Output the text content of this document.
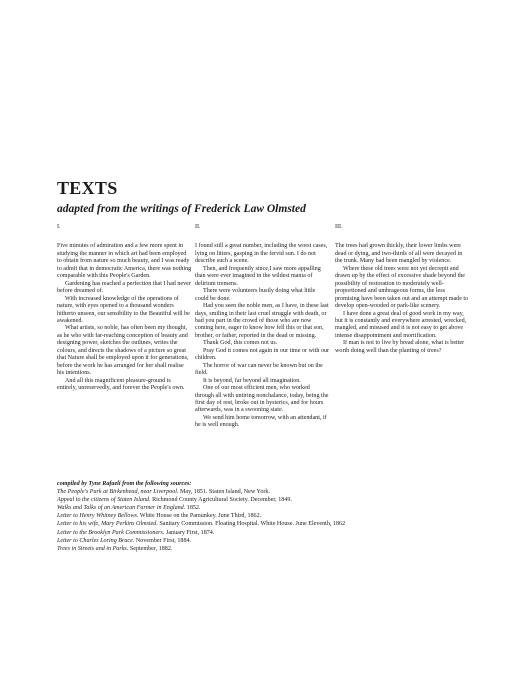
TEXTS
adapted from the writings of Frederick Law Olmsted
I.

Five minutes of admiration and a few more spent in studying the manner in which art had been employed to obtain from nature so much beauty, and I was ready to admit that in democratic America, there was nothing comparable with this People's Garden.

Gardening has reached a perfection that I had never before dreamed of.

With increased knowledge of the operations of nature, with eyes opened to a thousand wonders hitherto unseen, our sensibility to the Beautiful will be awakened.

What artists, so noble, has often been my thought, as he who with far-reaching conception of beauty and designing power, sketches the outlines, writes the colours, and directs the shadows of a picture so great that Nature shall be employed upon it for generations, before the work he has arranged for her shall realise his intentions.

And all this magnificent pleasure-ground is entirely, unreservedly, and forever the People's own.

II.

I found still a great number, including the worst cases, lying on litters, gasping in the fervid sun. I do not describe such a scene.

Then, and frequently since,I saw more appalling than were ever imagined in the wildest mania of delirium tremens.

There were volunteers busily doing what little could be done.

Had you seen the noble men, as I have, in these last days, smiling in their last cruel struggle with death, or bad you part in the crowd of those who are now coming here, eager to know how fell this or that son, brother, or father, reported in the dead or missing.

Thank God, this comes not us.

Pray God it comes not again in our time or with our children.

The horror of war can never be known but on the field.

It is beyond, far beyond all imagination.

One of our most efficient men, who worked through all with untiring nonchalance, today, being the first day of rest, broke out in hysterics, and for hours afterwards, was in a swooning state.

We send him home tomorrow, with an attendant, if he is well enough.

III.

The trees had grown thickly, their lower limbs were dead or dying, and two-thirds of all were decayed in the trunk. Many had been mangled by violence.

Where these old trees were not yet decrepit and drawn up by the effect of excessive shade beyond the possibility of restoration to moderately well-proportioned and umbrageous forms, the less promising have been taken out and an attempt made to develop open-wooded or park-like scenery.

I have done a great deal of good work in my way, but it is constantly and everywhere arrested, wrecked, mangled, and misused and it is not easy to get above intense disappointment and mortification.

If man is not to live by bread alone, what is better worth doing well than the planting of trees?

compiled by Tyne Rafaeli from the following sources:
The People's Park at Birkenhead, near Liverpool. May, 1851. Staten Island, New York.
Appeal to the citizens of Staten Island. Richmond County Agricultural Society. December, 1849.
Walks and Talks of an American Farmer in England. 1852.
Letter to Henry Whitney Bellows. White House on the Pamunkey. June Third, 1862.
Letter to his wife, Mary Perkins Olmsted. Sanitary Commission. Floating Hospital. White House. June Eleventh, 1862
Letter to the Brooklyn Park Commissioners. January First, 1874.
Letter to Charles Loring Brace. November First, 1884.
Trees in Streets and in Parks. September, 1882.
